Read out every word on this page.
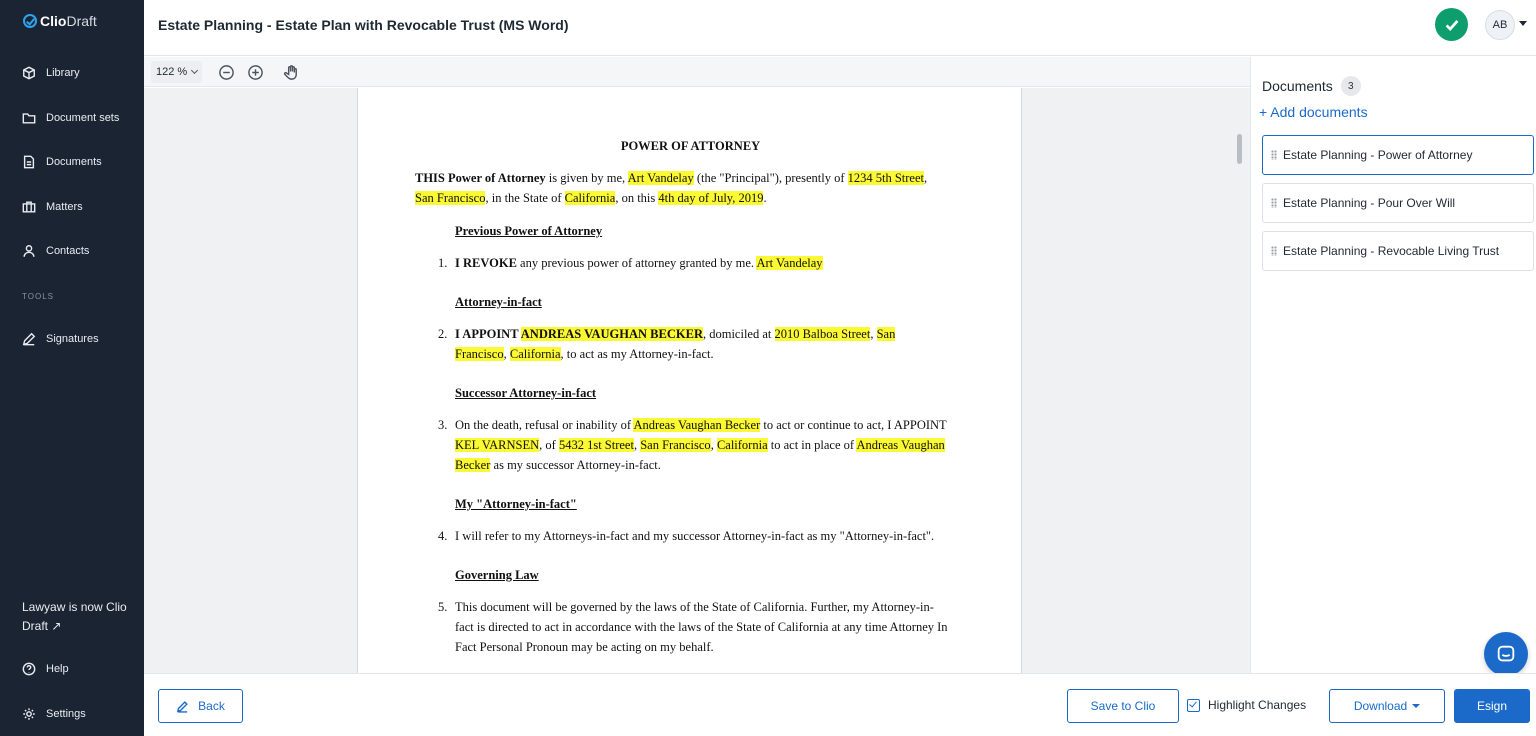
Clio Draft
Library
Document sets
Documents
Matters
Contacts
TOOLS
Signatures
Lawyaw is now Clio Draft ↗
Help
Settings
Estate Planning - Estate Plan with Revocable Trust (MS Word)	AB
122 %
POWER OF ATTORNEY
THIS Power of Attorney is given by me, Art Vandelay (the "Principal"), presently of 1234 5th Street,
San Francisco, in the State of California, on this 4th day of July, 2019.
Previous Power of Attorney
1. I REVOKE any previous power of attorney granted by me. Art Vandelay
Attorney-in-fact
2. I APPOINT ANDREAS VAUGHAN BECKER, domiciled at 2010 Balboa Street, San
Francisco, California, to act as my Attorney-in-fact.
Successor Attorney-in-fact
3. On the death, refusal or inability of Andreas Vaughan Becker to act or continue to act, I APPOINT
KEL VARNSEN, of 5432 1st Street, San Francisco, California to act in place of Andreas Vaughan
Becker as my successor Attorney-in-fact.
My "Attorney-in-fact"
4. I will refer to my Attorneys-in-fact and my successor Attorney-in-fact as my "Attorney-in-fact".
Governing Law
5. This document will be governed by the laws of the State of California. Further, my Attorney-in-
fact is directed to act in accordance with the laws of the State of California at any time Attorney In
Fact Personal Pronoun may be acting on my behalf.
Documents	3
+ Add documents
Estate Planning - Power of Attorney
Estate Planning - Pour Over Will
Estate Planning - Revocable Living Trust
Back	Save to Clio	Highlight Changes	Download	Esign
